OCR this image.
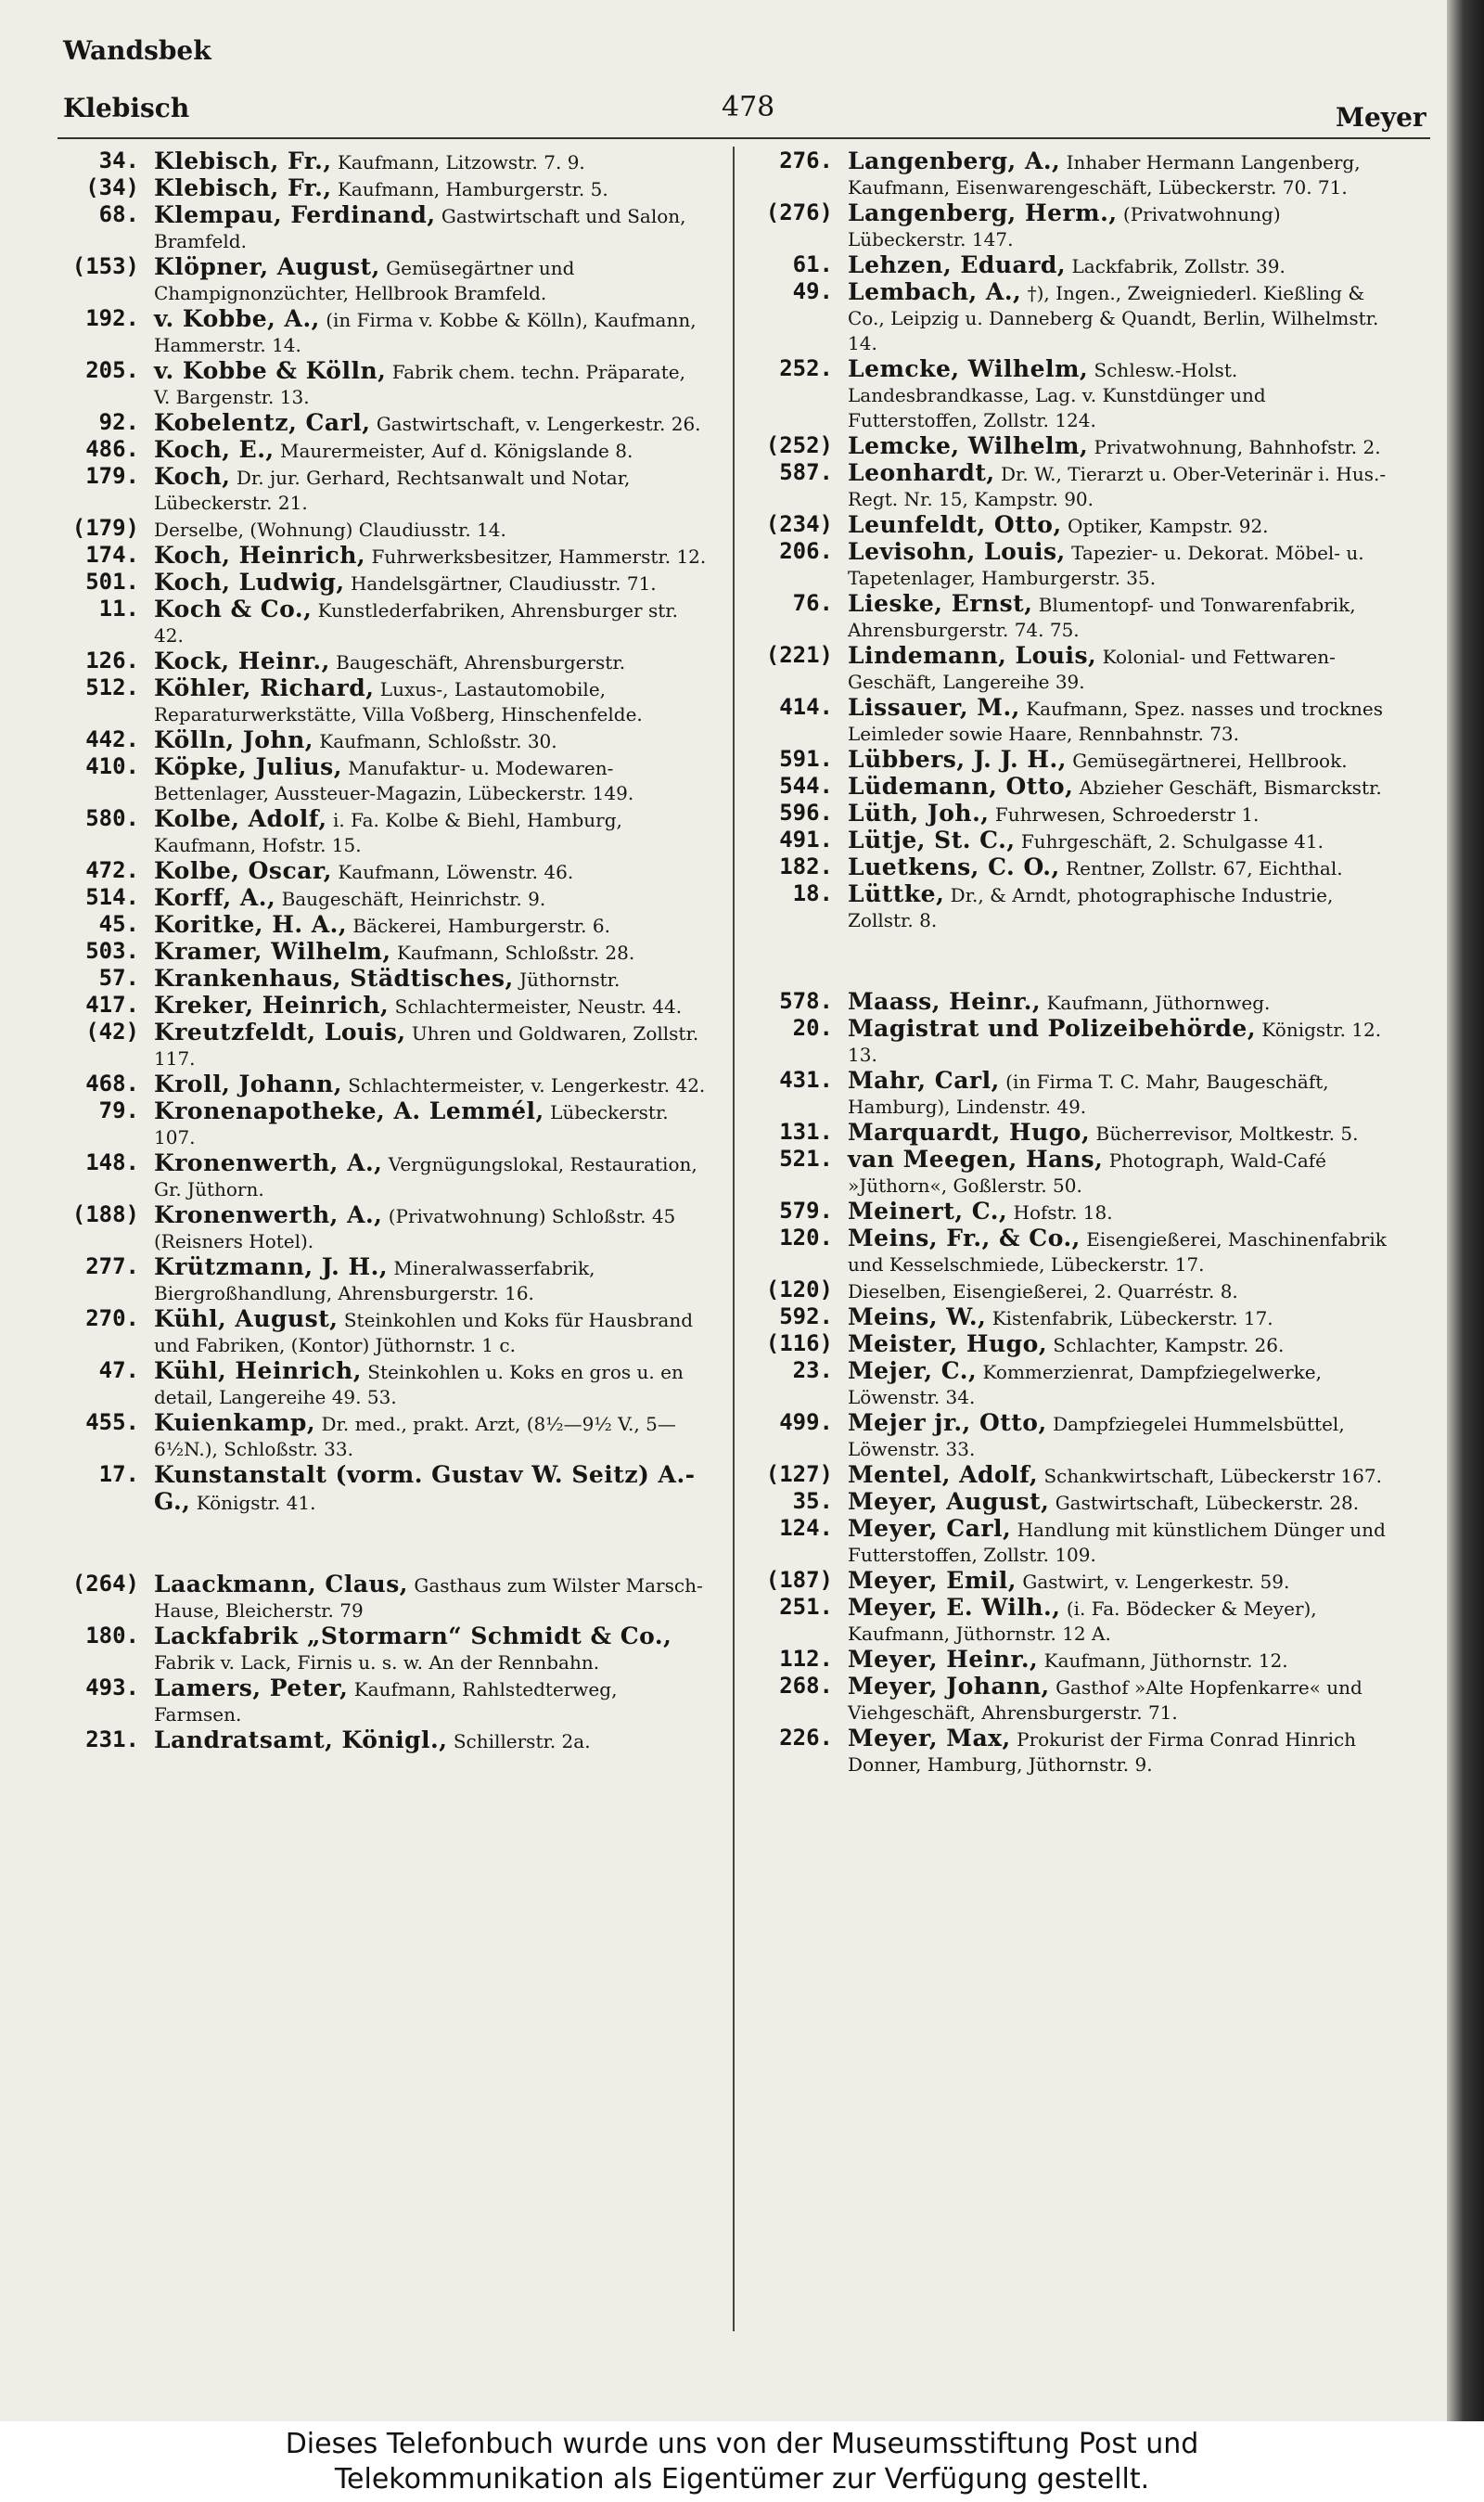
Wandsbek
Klebisch	478	Meyer
34. Klebisch, Fr., Kaufmann, Litzowstr. 7. 9.
(34) Klebisch, Fr., Kaufmann, Hamburgerstr. 5.
68. Klempau, Ferdinand, Gastwirtschaft und Salon, Bramfeld.
(153) Klöpner, August, Gemüsegärtner und Champignonzüchter, Hellbrook Bramfeld.
192. v. Kobbe, A., (in Firma v. Kobbe & Kölln), Kaufmann, Hammerstr. 14.
205. v. Kobbe & Kölln, Fabrik chem. techn. Präparate, V. Bargenstr. 13.
92. Kobelentz, Carl, Gastwirtschaft, v. Lengerkestr. 26.
486. Koch, E., Maurermeister, Auf d. Königslande 8.
179. Koch, Dr. jur. Gerhard, Rechtsanwalt und Notar, Lübeckerstr. 21.
(179) Derselbe, (Wohnung) Claudiusstr. 14.
174. Koch, Heinrich, Fuhrwerksbesitzer, Hammerstr. 12.
501. Koch, Ludwig, Handelsgärtner, Claudiusstr. 71.
11. Koch & Co., Kunstlederfabriken, Ahrensburger str. 42.
126. Kock, Heinr., Baugeschäft, Ahrensburgerstr.
512. Köhler, Richard, Luxus-, Lastautomobile, Reparaturwerkstätte, Villa Voßberg, Hinschenfelde.
442. Kölln, John, Kaufmann, Schloßstr. 30.
410. Köpke, Julius, Manufaktur- u. Modewaren-Bettenlager, Aussteuer-Magazin, Lübeckerstr. 149.
580. Kolbe, Adolf, i. Fa. Kolbe & Biehl, Hamburg, Kaufmann, Hofstr. 15.
472. Kolbe, Oscar, Kaufmann, Löwenstr. 46.
514. Korff, A., Baugeschäft, Heinrichstr. 9.
45. Koritke, H. A., Bäckerei, Hamburgerstr. 6.
503. Kramer, Wilhelm, Kaufmann, Schloßstr. 28.
57. Krankenhaus, Städtisches, Jüthornstr.
417. Kreker, Heinrich, Schlachtermeister, Neustr. 44.
(42) Kreutzfeldt, Louis, Uhren und Goldwaren, Zollstr. 117.
468. Kroll, Johann, Schlachtermeister, v. Lengerkestr. 42.
79. Kronenapotheke, A. Lemmél, Lübeckerstr. 107.
148. Kronenwerth, A., Vergnügungslokal, Restauration, Gr. Jüthorn.
(188) Kronenwerth, A., (Privatwohnung) Schloßstr. 45 (Reisners Hotel).
277. Krützmann, J. H., Mineralwasserfabrik, Biergroßhandlung, Ahrensburgerstr. 16.
270. Kühl, August, Steinkohlen und Koks für Hausbrand und Fabriken, (Kontor) Jüthornstr. 1 c.
47. Kühl, Heinrich, Steinkohlen u. Koks en gros u. en detail, Langereihe 49. 53.
455. Kuienkamp, Dr. med., prakt. Arzt, (8½—9½ V., 5—6½N.), Schloßstr. 33.
17. Kunstanstalt (vorm. Gustav W. Seitz) A.-G., Königstr. 41.
(264) Laackmann, Claus, Gasthaus zum Wilster Marsch-Hause, Bleicherstr. 79
180. Lackfabrik „Stormarn“ Schmidt & Co., Fabrik v. Lack, Firnis u. s. w. An der Rennbahn.
493. Lamers, Peter, Kaufmann, Rahlstedterweg, Farmsen.
231. Landratsamt, Königl., Schillerstr. 2a.
276. Langenberg, A., Inhaber Hermann Langenberg, Kaufmann, Eisenwarengeschäft, Lübeckerstr. 70. 71.
(276) Langenberg, Herm., (Privatwohnung) Lübeckerstr. 147.
61. Lehzen, Eduard, Lackfabrik, Zollstr. 39.
49. Lembach, A., †), Ingen., Zweigniederl. Kießling & Co., Leipzig u. Danneberg & Quandt, Berlin, Wilhelmstr. 14.
252. Lemcke, Wilhelm, Schlesw.-Holst. Landesbrandkasse, Lag. v. Kunstdünger und Futterstoffen, Zollstr. 124.
(252) Lemcke, Wilhelm, Privatwohnung, Bahnhofstr. 2.
587. Leonhardt, Dr. W., Tierarzt u. Ober-Veterinär i. Hus.-Regt. Nr. 15, Kampstr. 90.
(234) Leunfeldt, Otto, Optiker, Kampstr. 92.
206. Levisohn, Louis, Tapezier- u. Dekorat. Möbel- u. Tapetenlager, Hamburgerstr. 35.
76. Lieske, Ernst, Blumentopf- und Tonwarenfabrik, Ahrensburgerstr. 74. 75.
(221) Lindemann, Louis, Kolonial- und Fettwaren-Geschäft, Langereihe 39.
414. Lissauer, M., Kaufmann, Spez. nasses und trocknes Leimleder sowie Haare, Rennbahnstr. 73.
591. Lübbers, J. J. H., Gemüsegärtnerei, Hellbrook.
544. Lüdemann, Otto, Abzieher Geschäft, Bismarckstr.
596. Lüth, Joh., Fuhrwesen, Schroederstr 1.
491. Lütje, St. C., Fuhrgeschäft, 2. Schulgasse 41.
182. Luetkens, C. O., Rentner, Zollstr. 67, Eichthal.
18. Lüttke, Dr., & Arndt, photographische Industrie, Zollstr. 8.
578. Maass, Heinr., Kaufmann, Jüthornweg.
20. Magistrat und Polizeibehörde, Königstr. 12. 13.
431. Mahr, Carl, (in Firma T. C. Mahr, Baugeschäft, Hamburg), Lindenstr. 49.
131. Marquardt, Hugo, Bücherrevisor, Moltkestr. 5.
521. van Meegen, Hans, Photograph, Wald-Café »Jüthorn«, Goßlerstr. 50.
579. Meinert, C., Hofstr. 18.
120. Meins, Fr., & Co., Eisengießerei, Maschinenfabrik und Kesselschmiede, Lübeckerstr. 17.
(120) Dieselben, Eisengießerei, 2. Quarréstr. 8.
592. Meins, W., Kistenfabrik, Lübeckerstr. 17.
(116) Meister, Hugo, Schlachter, Kampstr. 26.
23. Mejer, C., Kommerzienrat, Dampfziegelwerke, Löwenstr. 34.
499. Mejer jr., Otto, Dampfziegelei Hummelsbüttel, Löwenstr. 33.
(127) Mentel, Adolf, Schankwirtschaft, Lübeckerstr 167.
35. Meyer, August, Gastwirtschaft, Lübeckerstr. 28.
124. Meyer, Carl, Handlung mit künstlichem Dünger und Futterstoffen, Zollstr. 109.
(187) Meyer, Emil, Gastwirt, v. Lengerkestr. 59.
251. Meyer, E. Wilh., (i. Fa. Bödecker & Meyer), Kaufmann, Jüthornstr. 12 A.
112. Meyer, Heinr., Kaufmann, Jüthornstr. 12.
268. Meyer, Johann, Gasthof »Alte Hopfenkarre« und Viehgeschäft, Ahrensburgerstr. 71.
226. Meyer, Max, Prokurist der Firma Conrad Hinrich Donner, Hamburg, Jüthornstr. 9.
Dieses Telefonbuch wurde uns von der Museumsstiftung Post und
Telekommunikation als Eigentümer zur Verfügung gestellt.
